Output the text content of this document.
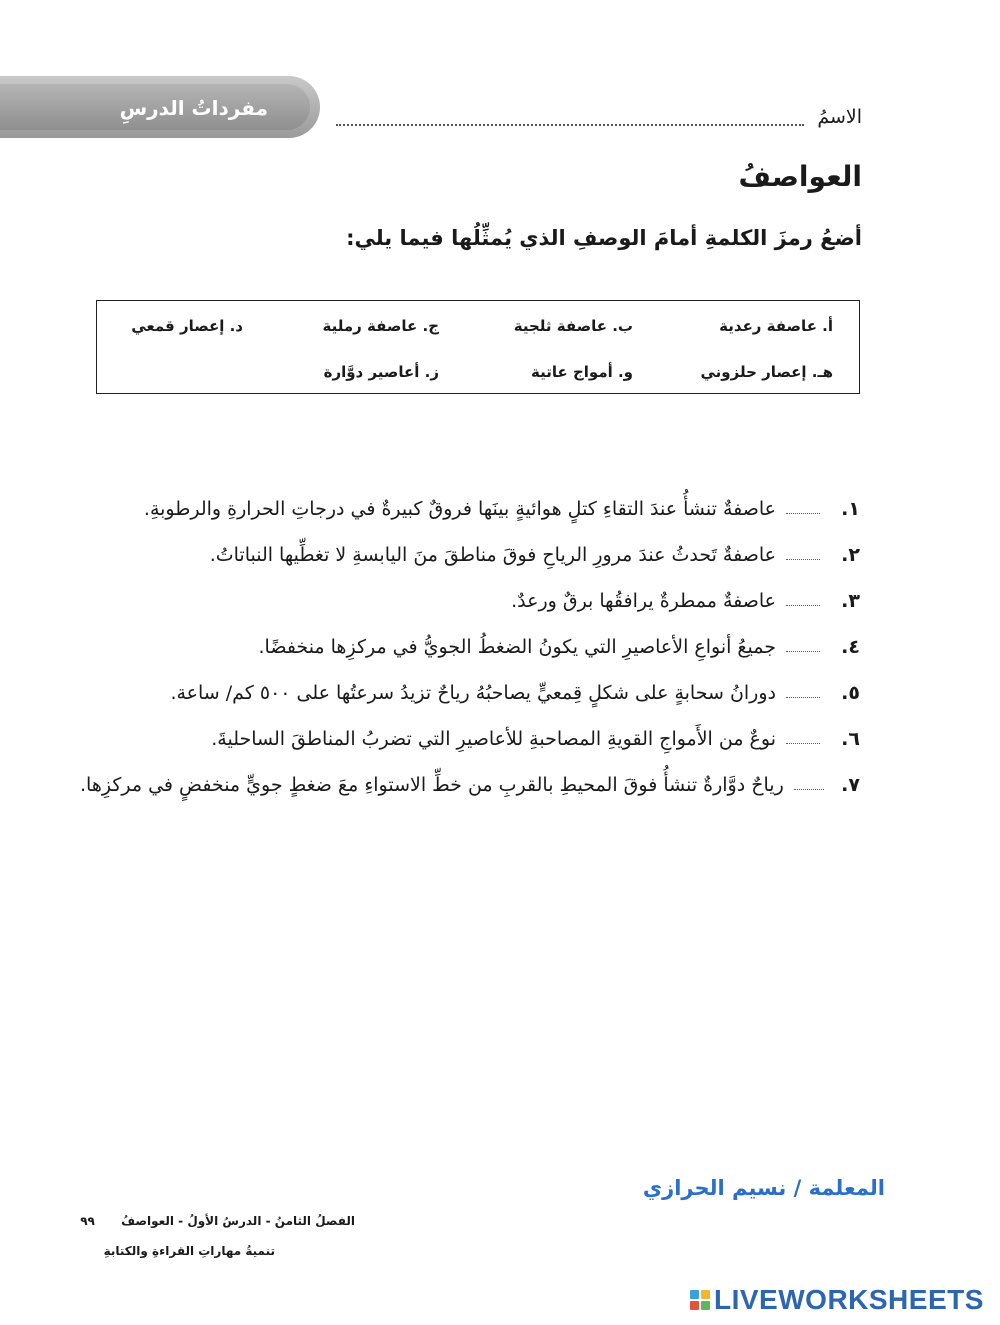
مفرداتُ الدرسِ	الاسمُ
العواصفُ
أضعُ رمزَ الكلمةِ أمامَ الوصفِ الذي يُمثِّلُها فيما يلي:
أ. عاصفة رعدية
ب. عاصفة ثلجية
ج. عاصفة رملية
د. إعصار قمعي
هـ. إعصار حلزوني
و. أمواج عاتية
ز. أعاصير دوَّارة
١.
عاصفةٌ تنشأُ عندَ التقاءِ كتلٍ هوائيةٍ بينَها فروقٌ كبيرةٌ في درجاتِ الحرارةِ والرطوبةِ.
٢.
عاصفةٌ تَحدثُ عندَ مرورِ الرياحِ فوقَ مناطقَ منَ اليابسةِ لا تغطِّيها النباتاتُ.
٣.
عاصفةٌ ممطرةٌ يرافقُها برقٌ ورعدٌ.
٤.
جميعُ أنواعِ الأعاصيرِ التي يكونُ الضغطُ الجويُّ في مركزِها منخفضًا.
٥.
دورانُ سحابةٍ على شكلٍ قِمعيٍّ يصاحبُهُ رياحٌ تزيدُ سرعتُها على ٥٠٠ كم/ ساعة.
٦.
نوعٌ من الأَمواجِ القويةِ المصاحبةِ للأعاصيرِ التي تضربُ المناطقَ الساحليةَ.
٧.
رياحٌ دوَّارةٌ تنشأُ فوقَ المحيطِ بالقربِ من خطِّ الاستواءِ معَ ضغطٍ جويٍّ منخفضٍ في مركزِها.
المعلمة / نسيم الحرازي
الفصلُ الثامنُ - الدرسُ الأولُ - العواصفُ ٩٩
تنميةُ مهاراتِ القراءةِ والكتابةِ
LIVEWORKSHEETS
